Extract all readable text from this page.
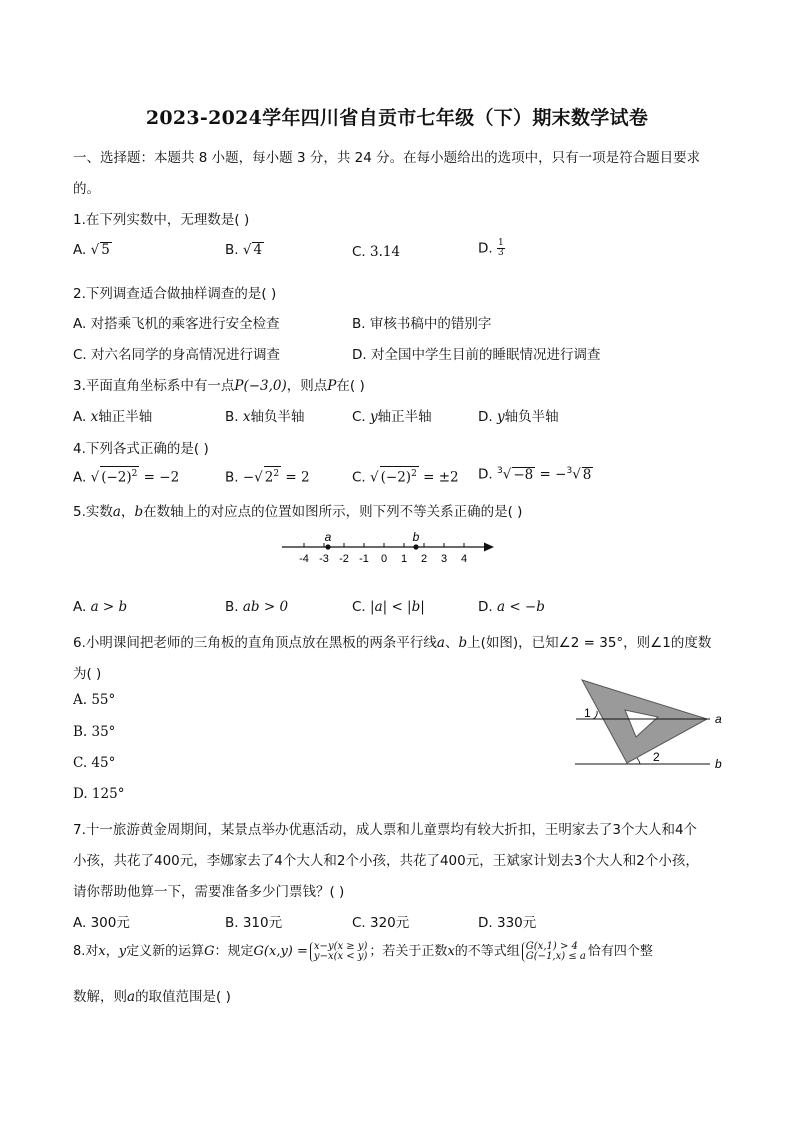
2023-2024学年四川省自贡市七年级（下）期末数学试卷
一、选择题：本题共 8 小题，每小题 3 分，共 24 分。在每小题给出的选项中，只有一项是符合题目要求
的。
1.在下列实数中，无理数是( )
A. √ 5	B. √ 4	C. 3.14	D. $\frac{1}{3}$
2.下列调查适合做抽样调查的是( )
A. 对搭乘飞机的乘客进行安全检查	B. 审核书稿中的错别字
C. 对六名同学的身高情况进行调查	D. 对全国中学生目前的睡眠情况进行调查
3.平面直角坐标系中有一点P(−3,0)，则点P在( )
A. x轴正半轴	B. x轴负半轴	C. y轴正半轴	D. y轴负半轴
4.下列各式正确的是( )
A. √ $(-2)^2 = -2$	B. −√ $2^2 = 2$	C. √ $(-2)^2 = \pm 2$ D. $^3$√ −8 = −$^3$√ 8
5.实数a，b在数轴上的对应点的位置如图所示，则下列不等关系正确的是( )
-4 -3 -2 -1 0 1 2 3 4
a	b
A. a > b	B. ab > 0	C. |a| < |b|	D. a < −b
6.小明课间把老师的三角板的直角顶点放在黑板的两条平行线a、b上(如图)，已知∠2 = 35°，则∠1的度数
为( )
A. 55°
B. 35°
C. 45°
D. 125°
1
2
a
b
7.十一旅游黄金周期间，某景点举办优惠活动，成人票和儿童票均有较大折扣，王明家去了3个大人和4个
小孩，共花了400元，李娜家去了4个大人和2个小孩，共花了400元，王斌家计划去3个大人和2个小孩，
请你帮助他算一下，需要准备多少门票钱？( )
A. 300元	B. 310元	C. 320元	D. 330元
8.对x，y定义新的运算G：规定G(x,y) = x−y(x ≥ y)
y−x(x < y) ；若关于正数x的不等式组 G(x,1) > 4
G(−1,x) ≤ a 恰有四个整
数解，则a的取值范围是( )
